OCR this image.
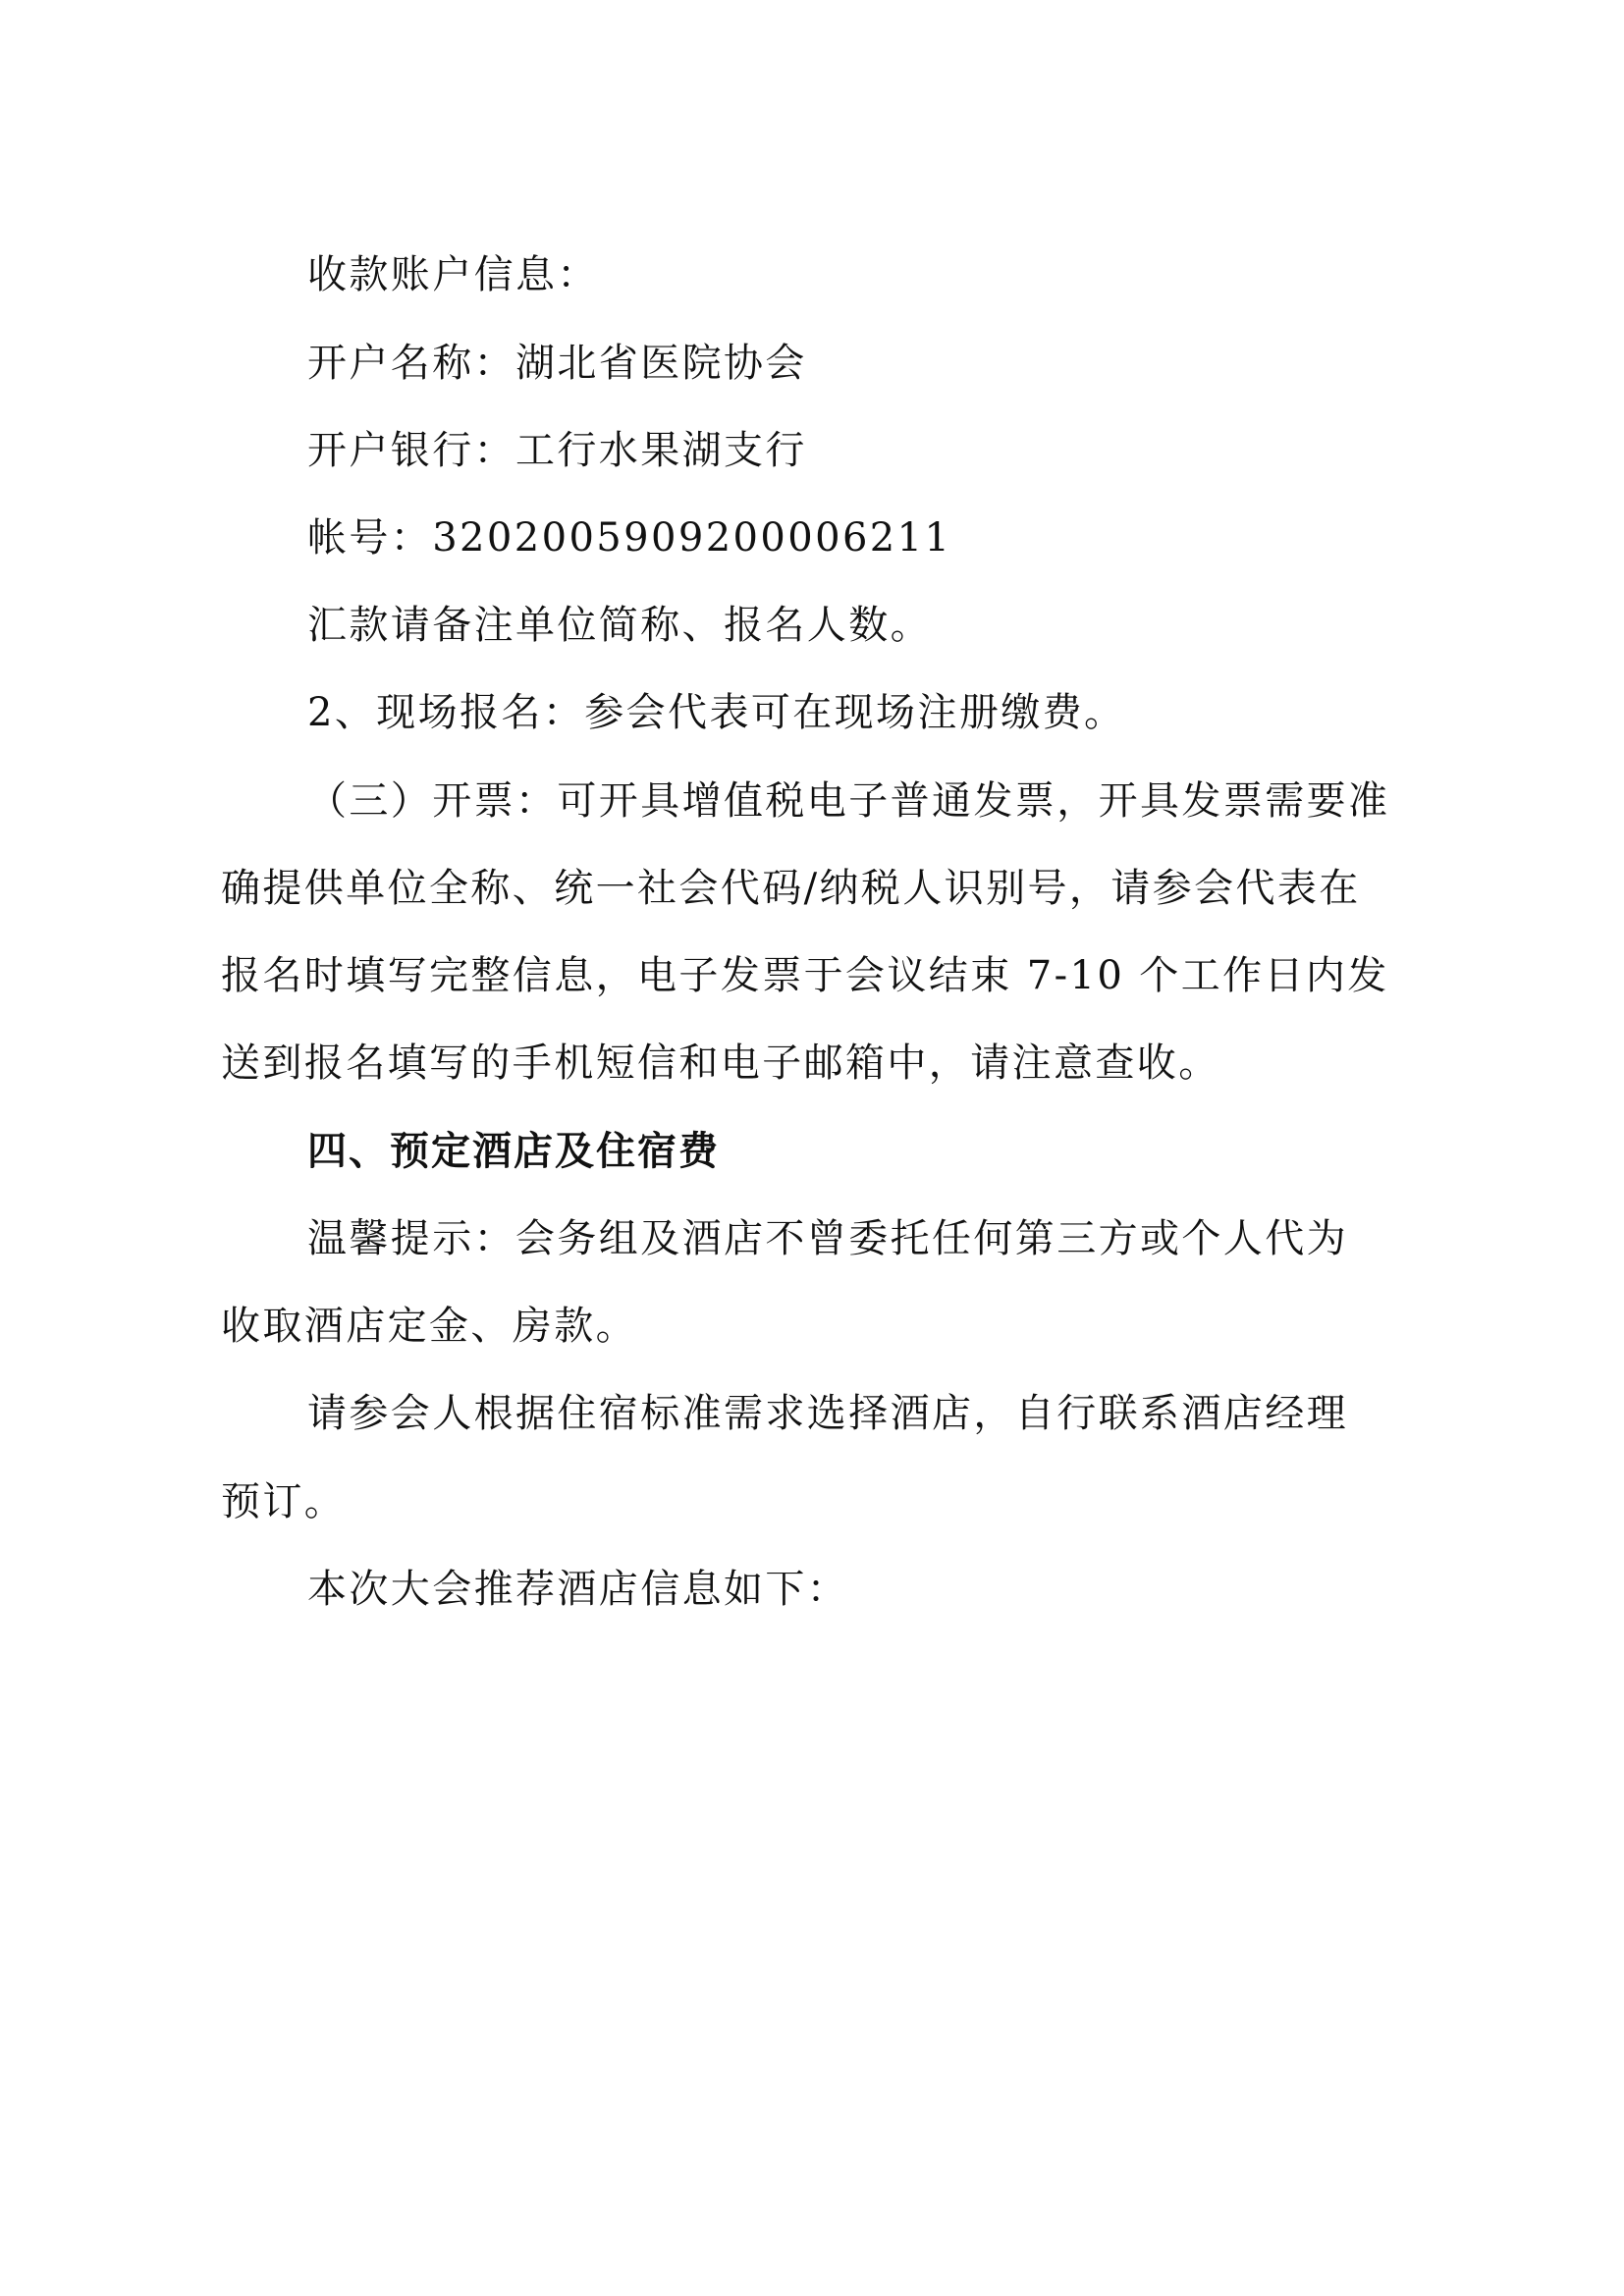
收款账户信息：
开户名称：湖北省医院协会
开户银行：工行水果湖支行
帐号：3202005909200006211
汇款请备注单位简称、报名人数。
2、现场报名：参会代表可在现场注册缴费。
（三）开票：可开具增值税电子普通发票，开具发票需要准
确提供单位全称、统一社会代码/纳税人识别号，请参会代表在
报名时填写完整信息，电子发票于会议结束 7-10 个工作日内发
送到报名填写的手机短信和电子邮箱中，请注意查收。
四、预定酒店及住宿费
温馨提示：会务组及酒店不曾委托任何第三方或个人代为
收取酒店定金、房款。
请参会人根据住宿标准需求选择酒店，自行联系酒店经理
预订。
本次大会推荐酒店信息如下：
